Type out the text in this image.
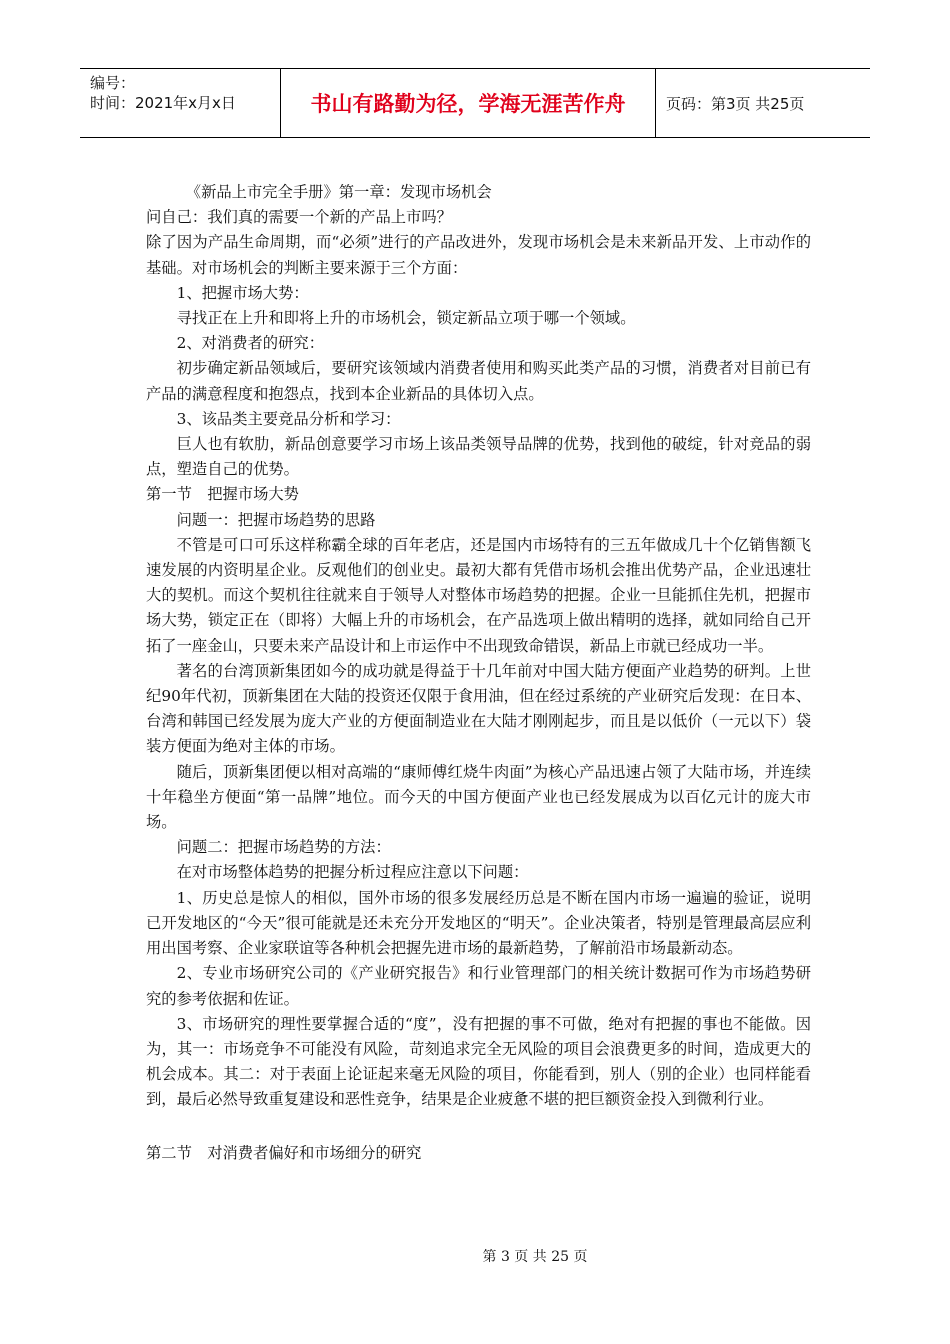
编号：
时间：2021年x月x日	书山有路勤为径，学海无涯苦作舟	页码：第3页 共25页

《新品上市完全手册》第一章：发现市场机会

问自己：我们真的需要一个新的产品上市吗？

除了因为产品生命周期，而“必须”进行的产品改进外，发现市场机会是未来新品开发、上市动作的基础。对市场机会的判断主要来源于三个方面：

1、把握市场大势：

寻找正在上升和即将上升的市场机会，锁定新品立项于哪一个领域。

2、对消费者的研究：

初步确定新品领域后，要研究该领域内消费者使用和购买此类产品的习惯，消费者对目前已有产品的满意程度和抱怨点，找到本企业新品的具体切入点。

3、该品类主要竞品分析和学习：

巨人也有软肋，新品创意要学习市场上该品类领导品牌的优势，找到他的破绽，针对竞品的弱点，塑造自己的优势。

第一节　把握市场大势

问题一：把握市场趋势的思路

不管是可口可乐这样称霸全球的百年老店，还是国内市场特有的三五年做成几十个亿销售额飞速发展的内资明星企业。反观他们的创业史。最初大都有凭借市场机会推出优势产品，企业迅速壮大的契机。而这个契机往往就来自于领导人对整体市场趋势的把握。企业一旦能抓住先机，把握市场大势，锁定正在（即将）大幅上升的市场机会，在产品选项上做出精明的选择，就如同给自己开拓了一座金山，只要未来产品设计和上市运作中不出现致命错误，新品上市就已经成功一半。

著名的台湾顶新集团如今的成功就是得益于十几年前对中国大陆方便面产业趋势的研判。上世纪90年代初，顶新集团在大陆的投资还仅限于食用油，但在经过系统的产业研究后发现：在日本、台湾和韩国已经发展为庞大产业的方便面制造业在大陆才刚刚起步，而且是以低价（一元以下）袋装方便面为绝对主体的市场。

随后，顶新集团便以相对高端的“康师傅红烧牛肉面”为核心产品迅速占领了大陆市场，并连续十年稳坐方便面“第一品牌”地位。而今天的中国方便面产业也已经发展成为以百亿元计的庞大市场。

问题二：把握市场趋势的方法：

在对市场整体趋势的把握分析过程应注意以下问题：

1、历史总是惊人的相似，国外市场的很多发展经历总是不断在国内市场一遍遍的验证，说明已开发地区的“今天”很可能就是还未充分开发地区的“明天”。企业决策者，特别是管理最高层应利用出国考察、企业家联谊等各种机会把握先进市场的最新趋势，了解前沿市场最新动态。

2、专业市场研究公司的《产业研究报告》和行业管理部门的相关统计数据可作为市场趋势研究的参考依据和佐证。

3、市场研究的理性要掌握合适的“度”，没有把握的事不可做，绝对有把握的事也不能做。因为，其一：市场竞争不可能没有风险，苛刻追求完全无风险的项目会浪费更多的时间，造成更大的机会成本。其二：对于表面上论证起来毫无风险的项目，你能看到，别人（别的企业）也同样能看到，最后必然导致重复建设和恶性竞争，结果是企业疲惫不堪的把巨额资金投入到微利行业。

第二节　对消费者偏好和市场细分的研究

第 3 页 共 25 页
